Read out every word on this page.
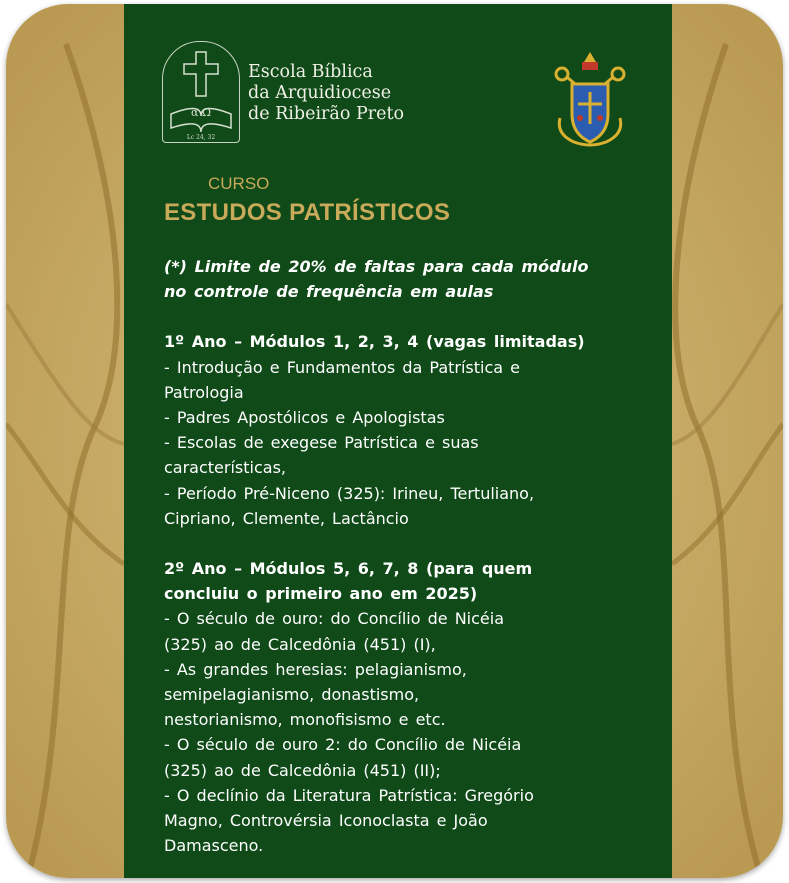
α Ω
Lc 24, 32
Escola Bíblica
da Arquidiocese
de Ribeirão Preto
CURSO
ESTUDOS PATRÍSTICOS
(*) Limite de 20% de faltas para cada módulo
no controle de frequência em aulas
1º Ano – Módulos 1, 2, 3, 4 (vagas limitadas)
- Introdução e Fundamentos da Patrística e
Patrologia
- Padres Apostólicos e Apologistas
- Escolas de exegese Patrística e suas
características,
- Período Pré-Niceno (325): Irineu, Tertuliano,
Cipriano, Clemente, Lactâncio
2º Ano – Módulos 5, 6, 7, 8 (para quem
concluiu o primeiro ano em 2025)
- O século de ouro: do Concílio de Nicéia
(325) ao de Calcedônia (451) (I),
- As grandes heresias: pelagianismo,
semipelagianismo, donastismo,
nestorianismo, monofisismo e etc.
- O século de ouro 2: do Concílio de Nicéia
(325) ao de Calcedônia (451) (II);
- O declínio da Literatura Patrística: Gregório
Magno, Controvérsia Iconoclasta e João
Damasceno.
